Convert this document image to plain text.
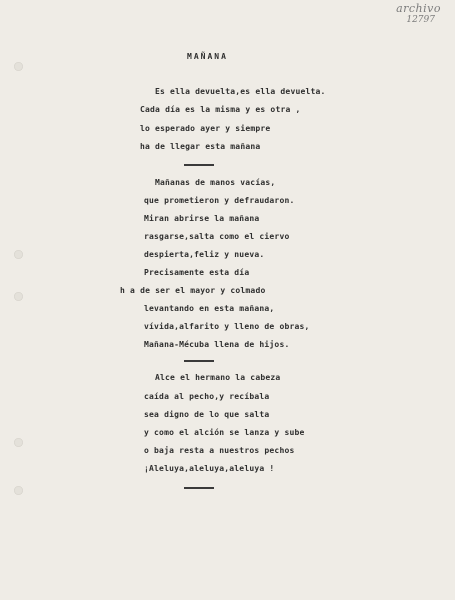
archivo
12797
MAÑANA
Es ella devuelta,es ella devuelta.
Cada día es la misma y es otra ,
lo esperado ayer y siempre
ha de llegar esta mañana
Mañanas de manos vacías,
que prometieron y defraudaron.
Miran abrirse la mañana
rasgarse,salta como el ciervo
despierta,feliz y nueva.
Precisamente esta día
h a de ser el mayor y colmado
levantando en esta mañana,
vívida,alfarito y lleno de obras,
Mañana-Mécuba llena de hijos.
Alce el hermano la cabeza
caída al pecho,y recíbala
sea digno de lo que salta
y como el alción se lanza y sube
o baja resta a nuestros pechos
¡Aleluya,aleluya,aleluya !
